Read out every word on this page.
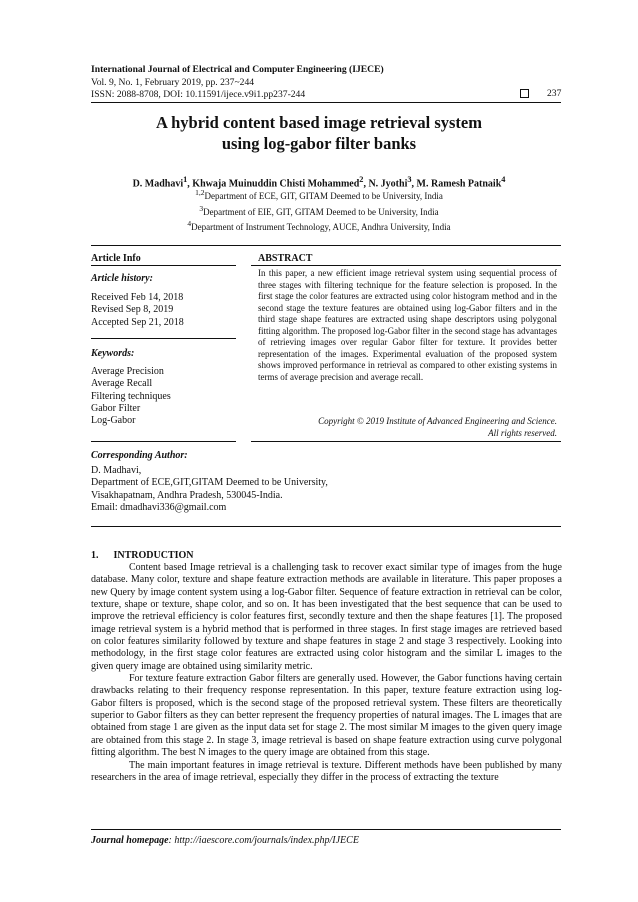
International Journal of Electrical and Computer Engineering (IJECE)
Vol. 9, No. 1, February 2019, pp. 237~244
ISSN: 2088-8708, DOI: 10.11591/ijece.v9i1.pp237-244	237
A hybrid content based image retrieval system
using log-gabor filter banks
D. Madhavi$^1$, Khwaja Muinuddin Chisti Mohammed$^2$, N. Jyothi$^3$, M. Ramesh Patnaik$^4$
$^{1,2}$Department of ECE, GIT, GITAM Deemed to be University, India
$^3$Department of EIE, GIT, GITAM Deemed to be University, India
$^4$Department of Instrument Technology, AUCE, Andhra University, India
Article Info
Article history:
Received Feb 14, 2018
Revised Sep 8, 2019
Accepted Sep 21, 2018
Keywords:
Average Precision
Average Recall
Filtering techniques
Gabor Filter
Log-Gabor
ABSTRACT
In this paper, a new efficient image retrieval system using sequential process of three stages with filtering technique for the feature selection is proposed. In the first stage the color features are extracted using color histogram method and in the second stage the texture features are obtained using log-Gabor filters and in the third stage shape features are extracted using shape descriptors using polygonal fitting algorithm. The proposed log-Gabor filter in the second stage has advantages of retrieving images over regular Gabor filter for texture. It provides better representation of the images. Experimental evaluation of the proposed system shows improved performance in retrieval as compared to other existing systems in terms of average precision and average recall.
Copyright © 2019 Institute of Advanced Engineering and Science.
All rights reserved.
Corresponding Author:
D. Madhavi,
Department of ECE,GIT,GITAM Deemed to be University,
Visakhapatnam, Andhra Pradesh, 530045-India.
Email: dmadhavi336@gmail.com
1.      INTRODUCTION

Content based Image retrieval is a challenging task to recover exact similar type of images from the huge database. Many color, texture and shape feature extraction methods are available in literature. This paper proposes a new Query by image content system using a log-Gabor filter. Sequence of feature extraction in retrieval can be color, texture, shape or texture, shape color, and so on. It has been investigated that the best sequence that can be used to improve the retrieval efficiency is color features first, secondly texture and then the shape features [1]. The proposed image retrieval system is a hybrid method that is performed in three stages. In first stage images are retrieved based on color features similarity followed by texture and shape features in stage 2 and stage 3 respectively. Looking into methodology, in the first stage color features are extracted using color histogram and the similar L images to the given query image are obtained using similarity metric.

For texture feature extraction Gabor filters are generally used. However, the Gabor functions having certain drawbacks relating to their frequency response representation. In this paper, texture feature extraction using log-Gabor filters is proposed, which is the second stage of the proposed retrieval system. These filters are theoretically superior to Gabor filters as they can better represent the frequency properties of natural images. The L images that are obtained from stage 1 are given as the input data set for stage 2. The most similar M images to the given query image are obtained from this stage 2. In stage 3, image retrieval is based on shape feature extraction using curve polygonal fitting algorithm. The best N images to the query image are obtained from this stage.

The main important features in image retrieval is texture. Different methods have been published by many researchers in the area of image retrieval, especially they differ in the process of extracting the texture

Journal homepage: http://iaescore.com/journals/index.php/IJECE
